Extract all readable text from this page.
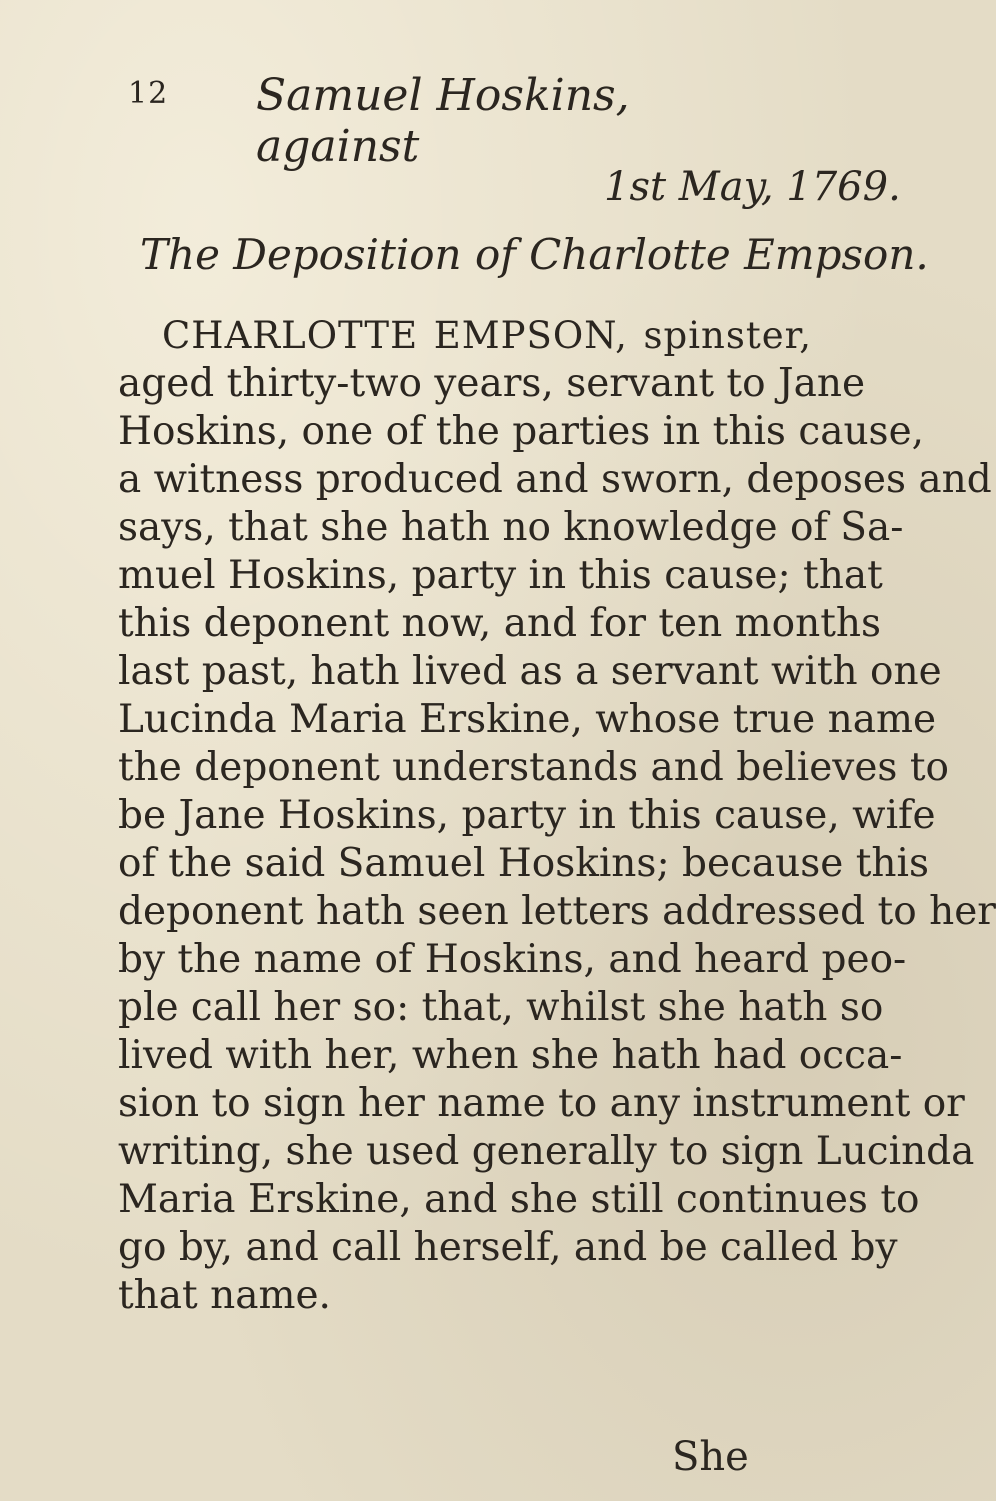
12 Samuel Hoskins, against
1st May, 1769.
The Deposition of Charlotte Empson.
CHARLOTTE EMPSON, spinster,
aged thirty-two years, servant to Jane
Hoskins, one of the parties in this cause,
a witness produced and sworn, deposes and
says, that she hath no knowledge of Sa-
muel Hoskins, party in this cause; that
this deponent now, and for ten months
last past, hath lived as a servant with one
Lucinda Maria Erskine, whose true name
the deponent understands and believes to
be Jane Hoskins, party in this cause, wife
of the said Samuel Hoskins; because this
deponent hath seen letters addressed to her
by the name of Hoskins, and heard peo-
ple call her so: that, whilst she hath so
lived with her, when she hath had occa-
sion to sign her name to any instrument or
writing, she used generally to sign Lucinda
Maria Erskine, and she still continues to
go by, and call herself, and be called by
that name.
She
